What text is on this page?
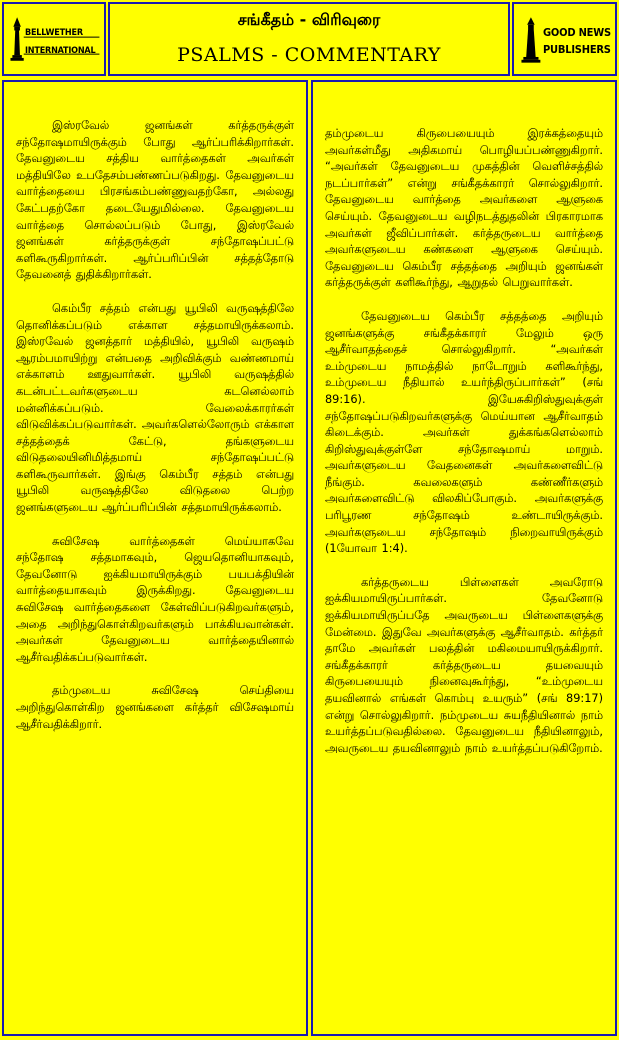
BELLWETHER
INTERNATIONAL
சங்கீதம் - விரிவுரை
PSALMS - COMMENTARY
GOOD NEWS
PUBLISHERS

இஸ்ரவேல் ஜனங்கள் கர்த்தருக்குள் சந்தோஷமாயிருக்கும் போது ஆர்ப்பரிக்கிறார்கள். தேவனுடைய சத்திய வார்த்தைகள் அவர்கள் மத்தியிலே உபதேசம்பண்ணப்படுகிறது. தேவனுடைய வார்த்தையை பிரசங்கம்பண்ணுவதற்கோ, அல்லது கேட்பதற்கோ தடையேதுமில்லை. தேவனுடைய வார்த்தை சொல்லப்படும் போது, இஸ்ரவேல் ஜனங்கள் கர்த்தருக்குள் சந்தோஷப்பட்டு களிகூருகிறார்கள். ஆர்ப்பரிப்பின் சத்தத்தோடு தேவனைத் துதிக்கிறார்கள்.

கெம்பீர சத்தம் என்பது யூபிலி வருஷத்திலே தொனிக்கப்படும் எக்காள சத்தமாயிருக்கலாம். இஸ்ரவேல் ஜனத்தார் மத்தியில், யூபிலி வருஷம் ஆரம்பமாயிற்று என்பதை அறிவிக்கும் வண்ணமாய் எக்காளம் ஊதுவார்கள். யூபிலி வருஷத்தில் கடன்பட்டவர்களுடைய கடனெல்லாம் மன்னிக்கப்படும். வேலைக்காரர்கள் விடுவிக்கப்படுவார்கள். அவர்களெல்லோரும் எக்காள சத்தத்தைக் கேட்டு, தங்களுடைய விடுதலையினிமித்தமாய் சந்தோஷப்பட்டு களிகூருவார்கள். இங்கு கெம்பீர சத்தம் என்பது யூபிலி வருஷத்திலே விடுதலை பெற்ற ஜனங்களுடைய ஆர்ப்பரிப்பின் சத்தமாயிருக்கலாம்.

சுவிசேஷ வார்த்தைகள் மெய்யாகவே சந்தோஷ சத்தமாகவும், ஜெயதொனியாகவும், தேவனோடு ஐக்கியமாயிருக்கும் பயபக்தியின் வார்த்தையாகவும் இருக்கிறது. தேவனுடைய சுவிசேஷ வார்த்தைகளை கேள்விப்படுகிறவர்களும், அதை அறிந்துகொள்கிறவர்களும் பாக்கியவான்கள். அவர்கள் தேவனுடைய வார்த்தையினால் ஆசீர்வதிக்கப்படுவார்கள்.

தம்முடைய சுவிசேஷ செய்தியை அறிந்துகொள்கிற ஜனங்களை கர்த்தர் விசேஷமாய் ஆசீர்வதிக்கிறார்.

தம்முடைய கிருபையையும் இரக்கத்தையும் அவர்கள்மீது அதிகமாய் பொழியப்பண்ணுகிறார். “அவர்கள் தேவனுடைய முகத்தின் வெளிச்சத்தில் நடப்பார்கள்” என்று சங்கீதக்காரர் சொல்லுகிறார். தேவனுடைய வார்த்தை அவர்களை ஆளுகை செய்யும். தேவனுடைய வழிநடத்துதலின் பிரகாரமாக அவர்கள் ஜீவிப்பார்கள். கர்த்தருடைய வார்த்தை அவர்களுடைய கண்களை ஆளுகை செய்யும். தேவனுடைய கெம்பீர சத்தத்தை அறியும் ஜனங்கள் கர்த்தருக்குள் களிகூர்ந்து, ஆறுதல் பெறுவார்கள்.

தேவனுடைய கெம்பீர சத்தத்தை அறியும் ஜனங்களுக்கு சங்கீதக்காரர் மேலும் ஒரு ஆசீர்வாதத்தைச் சொல்லுகிறார். “அவர்கள் உம்முடைய நாமத்தில் நாடோறும் களிகூர்ந்து, உம்முடைய நீதியால் உயர்ந்திருப்பார்கள்” (சங் 89:16). இயேசுகிறிஸ்துவுக்குள் சந்தோஷப்படுகிறவர்களுக்கு மெய்யான ஆசீர்வாதம் கிடைக்கும். அவர்கள் துக்கங்களெல்லாம் கிறிஸ்துவுக்குள்ளே சந்தோஷமாய் மாறும். அவர்களுடைய வேதனைகள் அவர்களைவிட்டு நீங்கும். கவலைகளும் கண்ணீர்களும் அவர்களைவிட்டு விலகிப்போகும். அவர்களுக்கு பரிபூரண சந்தோஷம் உண்டாயிருக்கும். அவர்களுடைய சந்தோஷம் நிறைவாயிருக்கும் (1யோவா 1:4).

கர்த்தருடைய பிள்ளைகள் அவரோடு ஐக்கியமாயிருப்பார்கள். தேவனோடு ஐக்கியமாயிருப்பதே அவருடைய பிள்ளைகளுக்கு மேன்மை. இதுவே அவர்களுக்கு ஆசீர்வாதம். கர்த்தர் தாமே அவர்கள் பலத்தின் மகிமையாயிருக்கிறார். சங்கீதக்காரர் கர்த்தருடைய தயவையும் கிருபையையும் நினைவுகூர்ந்து, “உம்முடைய தயவினால் எங்கள் கொம்பு உயரும்” (சங் 89:17) என்று சொல்லுகிறார். நம்முடைய சுயநீதியினால் நாம் உயர்த்தப்படுவதில்லை. தேவனுடைய நீதியினாலும், அவருடைய தயவினாலும் நாம் உயர்த்தப்படுகிறோம்.
